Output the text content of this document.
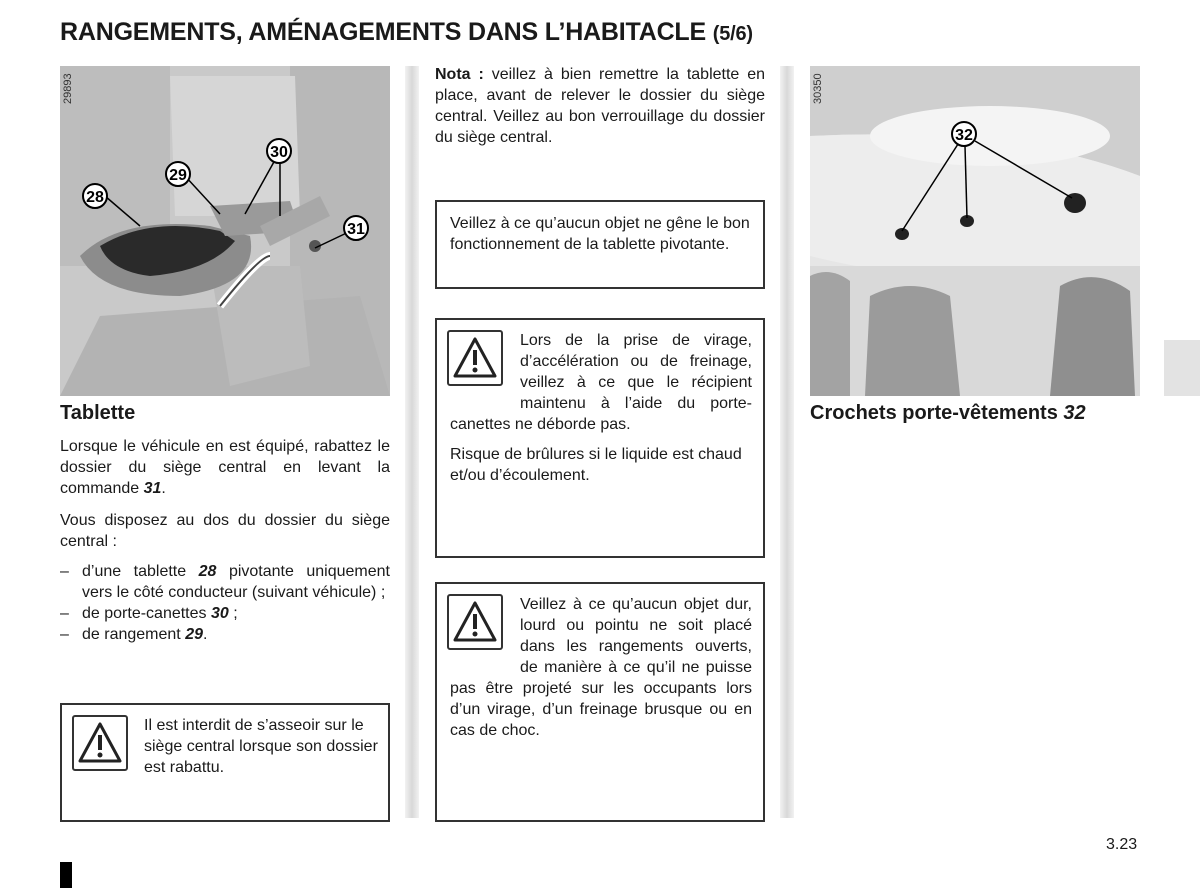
RANGEMENTS, AMÉNAGEMENTS DANS L’HABITACLE (5/6)
28
29
30
31
29893
Tablette
Lorsque le véhicule en est équipé, rabattez le dossier du siège central en levant la commande 31.
Vous disposez au dos du dossier du siège central :
– d’une tablette 28 pivotante uniquement vers le côté conducteur (suivant véhicule) ;
– de porte-canettes 30 ;
– de rangement 29.
Il est interdit de s’asseoir sur le siège central lorsque son dossier est rabattu.
Nota : veillez à bien remettre la tablette en place, avant de relever le dossier du siège central. Veillez au bon verrouillage du dossier du siège central.
Veillez à ce qu’aucun objet ne gêne le bon fonctionnement de la tablette pivotante.
Lors de la prise de virage, d’accélération ou de freinage, veillez à ce que le récipient maintenu à l’aide du porte-canettes ne déborde pas.
Risque de brûlures si le liquide est chaud et/ou d’écoulement.
Veillez à ce qu’aucun objet dur, lourd ou pointu ne soit placé dans les rangements ouverts, de manière à ce qu’il ne puisse pas être projeté sur les occupants lors d’un virage, d’un freinage brusque ou en cas de choc.
32
30350
Crochets porte-vêtements 32
3.23
